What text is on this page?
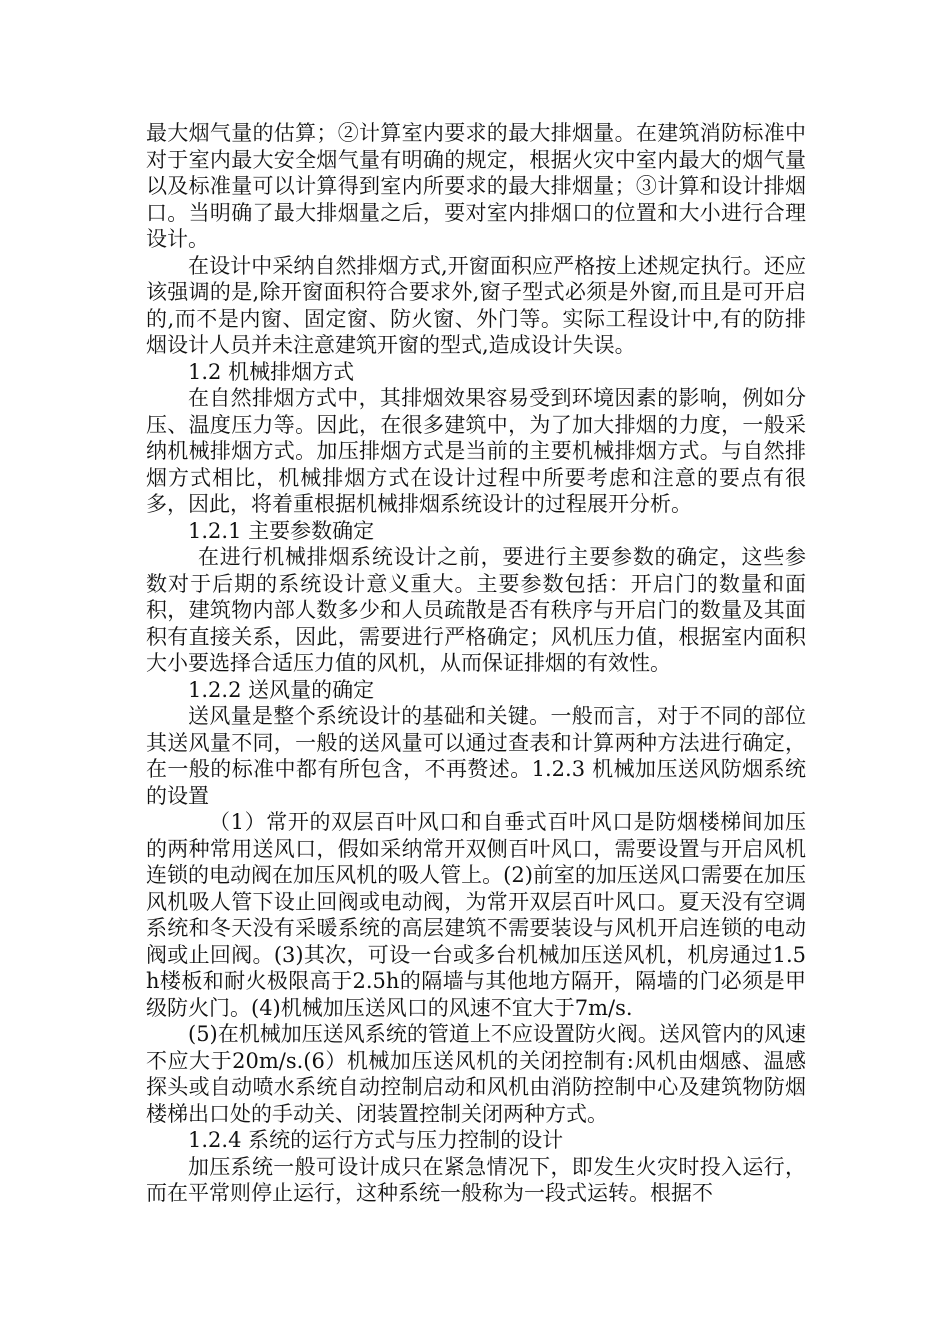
最大烟气量的估算；②计算室内要求的最大排烟量。在建筑消防标准中对于室内最大安全烟气量有明确的规定，根据火灾中室内最大的烟气量以及标准量可以计算得到室内所要求的最大排烟量；③计算和设计排烟口。当明确了最大排烟量之后，要对室内排烟口的位置和大小进行合理设计。

在设计中采纳自然排烟方式,开窗面积应严格按上述规定执行。还应该强调的是,除开窗面积符合要求外,窗子型式必须是外窗,而且是可开启的,而不是内窗、固定窗、防火窗、外门等。实际工程设计中,有的防排烟设计人员并未注意建筑开窗的型式,造成设计失误。

1.2 机械排烟方式

在自然排烟方式中，其排烟效果容易受到环境因素的影响，例如分压、温度压力等。因此，在很多建筑中，为了加大排烟的力度，一般采纳机械排烟方式。加压排烟方式是当前的主要机械排烟方式。与自然排烟方式相比，机械排烟方式在设计过程中所要考虑和注意的要点有很多，因此，将着重根据机械排烟系统设计的过程展开分析。

1.2.1 主要参数确定

在进行机械排烟系统设计之前，要进行主要参数的确定，这些参数对于后期的系统设计意义重大。主要参数包括：开启门的数量和面积，建筑物内部人数多少和人员疏散是否有秩序与开启门的数量及其面积有直接关系，因此，需要进行严格确定；风机压力值，根据室内面积大小要选择合适压力值的风机，从而保证排烟的有效性。

1.2.2 送风量的确定

送风量是整个系统设计的基础和关键。一般而言，对于不同的部位其送风量不同，一般的送风量可以通过查表和计算两种方法进行确定，在一般的标准中都有所包含，不再赘述。1.2.3 机械加压送风防烟系统的设置

（1）常开的双层百叶风口和自垂式百叶风口是防烟楼梯间加压的两种常用送风口，假如采纳常开双侧百叶风口，需要设置与开启风机连锁的电动阀在加压风机的吸人管上。(2)前室的加压送风口需要在加压风机吸人管下设止回阀或电动阀，为常开双层百叶风口。夏天没有空调系统和冬天没有采暖系统的高层建筑不需要装设与风机开启连锁的电动阀或止回阀。(3)其次，可设一台或多台机械加压送风机，机房通过1.5h楼板和耐火极限高于2.5h的隔墙与其他地方隔开，隔墙的门必须是甲级防火门。(4)机械加压送风口的风速不宜大于7m/s.

(5)在机械加压送风系统的管道上不应设置防火阀。送风管内的风速不应大于20m/s.(6）机械加压送风机的关闭控制有:风机由烟感、温感探头或自动喷水系统自动控制启动和风机由消防控制中心及建筑物防烟楼梯出口处的手动关、闭装置控制关闭两种方式。

1.2.4 系统的运行方式与压力控制的设计

加压系统一般可设计成只在紧急情况下，即发生火灾时投入运行，而在平常则停止运行，这种系统一般称为一段式运转。根据不
